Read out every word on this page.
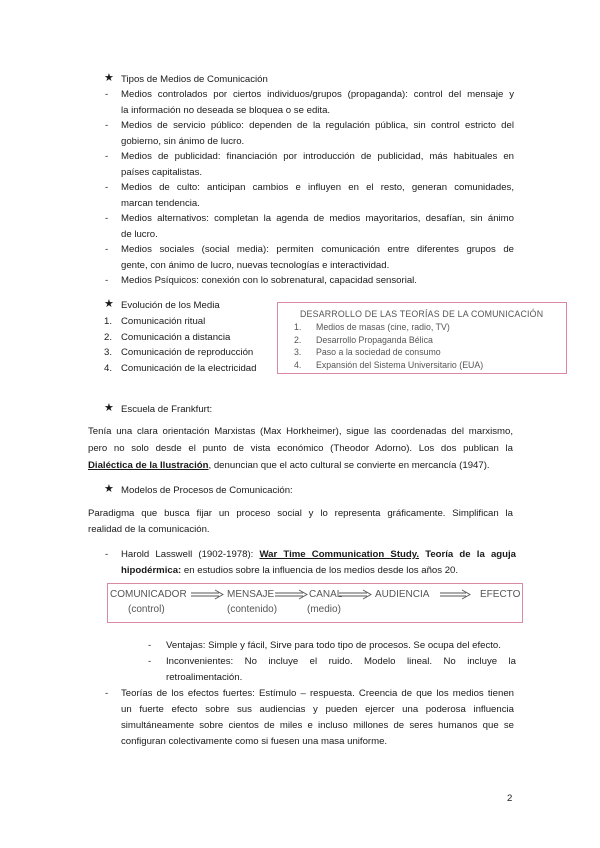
★ Tipos de Medios de Comunicación
- Medios controlados por ciertos individuos/grupos (propaganda): control del mensaje y
la información no deseada se bloquea o se edita.
- Medios de servicio público: dependen de la regulación pública, sin control estricto del
gobierno, sin ánimo de lucro.
- Medios de publicidad: financiación por introducción de publicidad, más habituales en
países capitalistas.
- Medios de culto: anticipan cambios e influyen en el resto, generan comunidades,
marcan tendencia.
- Medios alternativos: completan la agenda de medios mayoritarios, desafían, sin ánimo
de lucro.
- Medios sociales (social media): permiten comunicación entre diferentes grupos de
gente, con ánimo de lucro, nuevas tecnologías e interactividad.
- Medios Psíquicos: conexión con lo sobrenatural, capacidad sensorial.
★ Evolución de los Media
1. Comunicación ritual
2. Comunicación a distancia
3. Comunicación de reproducción
4. Comunicación de la electricidad
DESARROLLO DE LAS TEORÍAS DE LA COMUNICACIÓN
1. Medios de masas (cine, radio, TV)
2. Desarrollo Propaganda Bélica
3. Paso a la sociedad de consumo
4. Expansión del Sistema Universitario (EUA)
★ Escuela de Frankfurt:
Tenía una clara orientación Marxistas (Max Horkheimer), sigue las coordenadas del marxismo,
pero no solo desde el punto de vista económico (Theodor Adorno). Los dos publican la
Dialéctica de la Ilustración, denuncian que el acto cultural se convierte en mercancía (1947).
★ Modelos de Procesos de Comunicación:
Paradigma que busca fijar un proceso social y lo representa gráficamente. Simplifican la
realidad de la comunicación.
- Harold Lasswell (1902-1978): War Time Communication Study. Teoría de la aguja
hipodérmica: en estudios sobre la influencia de los medios desde los años 20.
COMUNICADOR
(control)
MENSAJE
(contenido)
CANAL
(medio)
AUDIENCIA	EFECTO
- Ventajas: Simple y fácil, Sirve para todo tipo de procesos. Se ocupa del efecto.
- Inconvenientes: No incluye el ruido. Modelo lineal. No incluye la
retroalimentación.
- Teorías de los efectos fuertes: Estímulo – respuesta. Creencia de que los medios tienen
un fuerte efecto sobre sus audiencias y pueden ejercer una poderosa influencia
simultáneamente sobre cientos de miles e incluso millones de seres humanos que se
configuran colectivamente como si fuesen una masa uniforme.
2
